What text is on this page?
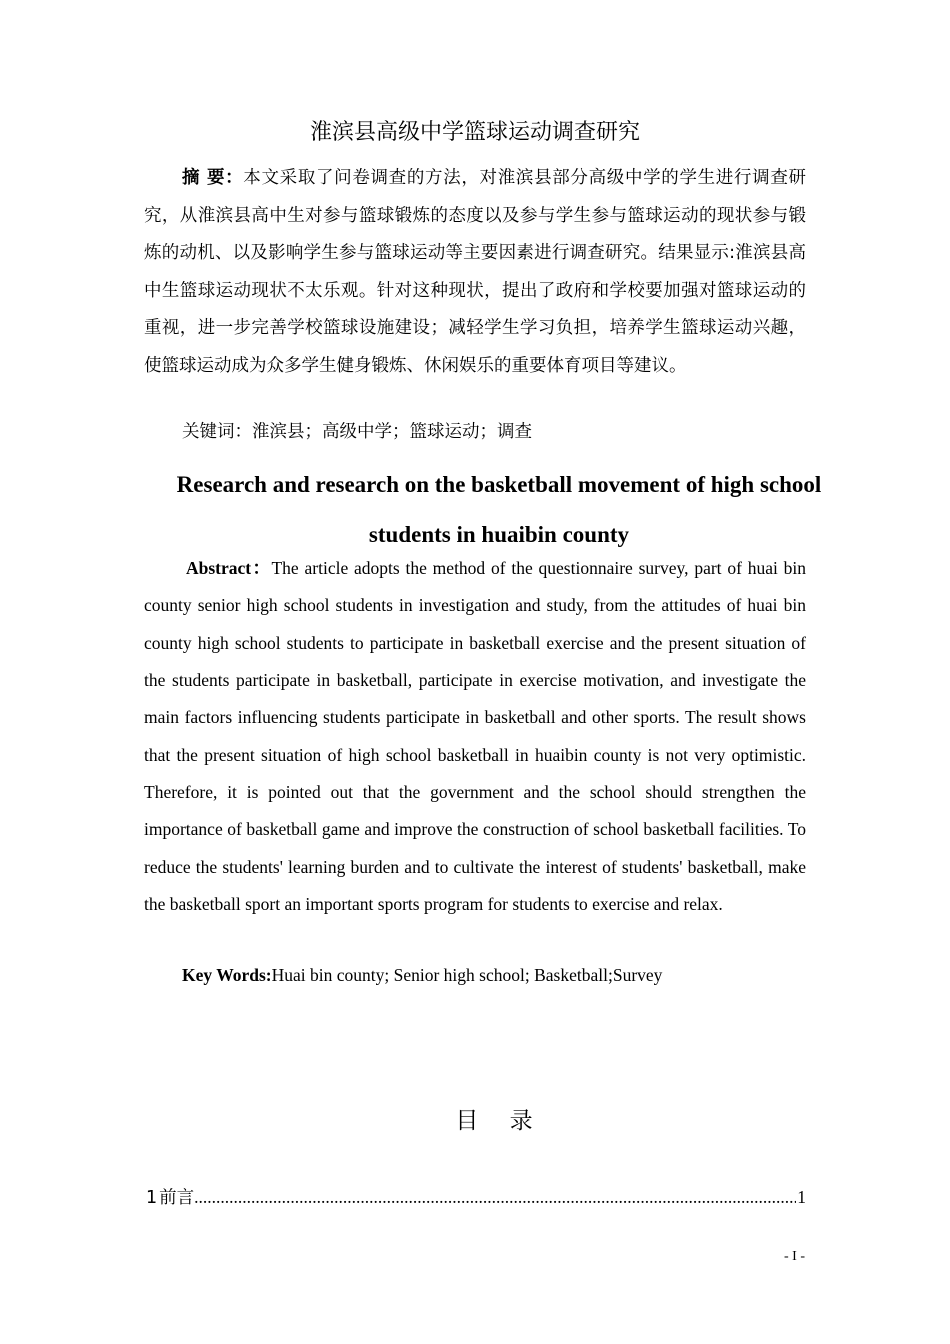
淮滨县高级中学篮球运动调查研究
摘 要：本文采取了问卷调查的方法，对淮滨县部分高级中学的学生进行调查研究，从淮滨县高中生对参与篮球锻炼的态度以及参与学生参与篮球运动的现状参与锻炼的动机、以及影响学生参与篮球运动等主要因素进行调查研究。结果显示:淮滨县高中生篮球运动现状不太乐观。针对这种现状，提出了政府和学校要加强对篮球运动的重视，进一步完善学校篮球设施建设；减轻学生学习负担，培养学生篮球运动兴趣，使篮球运动成为众多学生健身锻炼、休闲娱乐的重要体育项目等建议。
关键词：淮滨县；高级中学；篮球运动；调查
Research and research on the basketball movement of high school students in huaibin county
Abstract：The article adopts the method of the questionnaire survey, part of huai bin county senior high school students in investigation and study, from the attitudes of huai bin county high school students to participate in basketball exercise and the present situation of the students participate in basketball, participate in exercise motivation, and investigate the main factors influencing students participate in basketball and other sports. The result shows that the present situation of high school basketball in huaibin county is not very optimistic. Therefore, it is pointed out that the government and the school should strengthen the importance of basketball game and improve the construction of school basketball facilities. To reduce the students' learning burden and to cultivate the interest of students' basketball, make the basketball sport an important sports program for students to exercise and relax.
Key Words:Huai bin county; Senior high school; Basketball;Survey
目 录
1 前言
.....	1
- I -
